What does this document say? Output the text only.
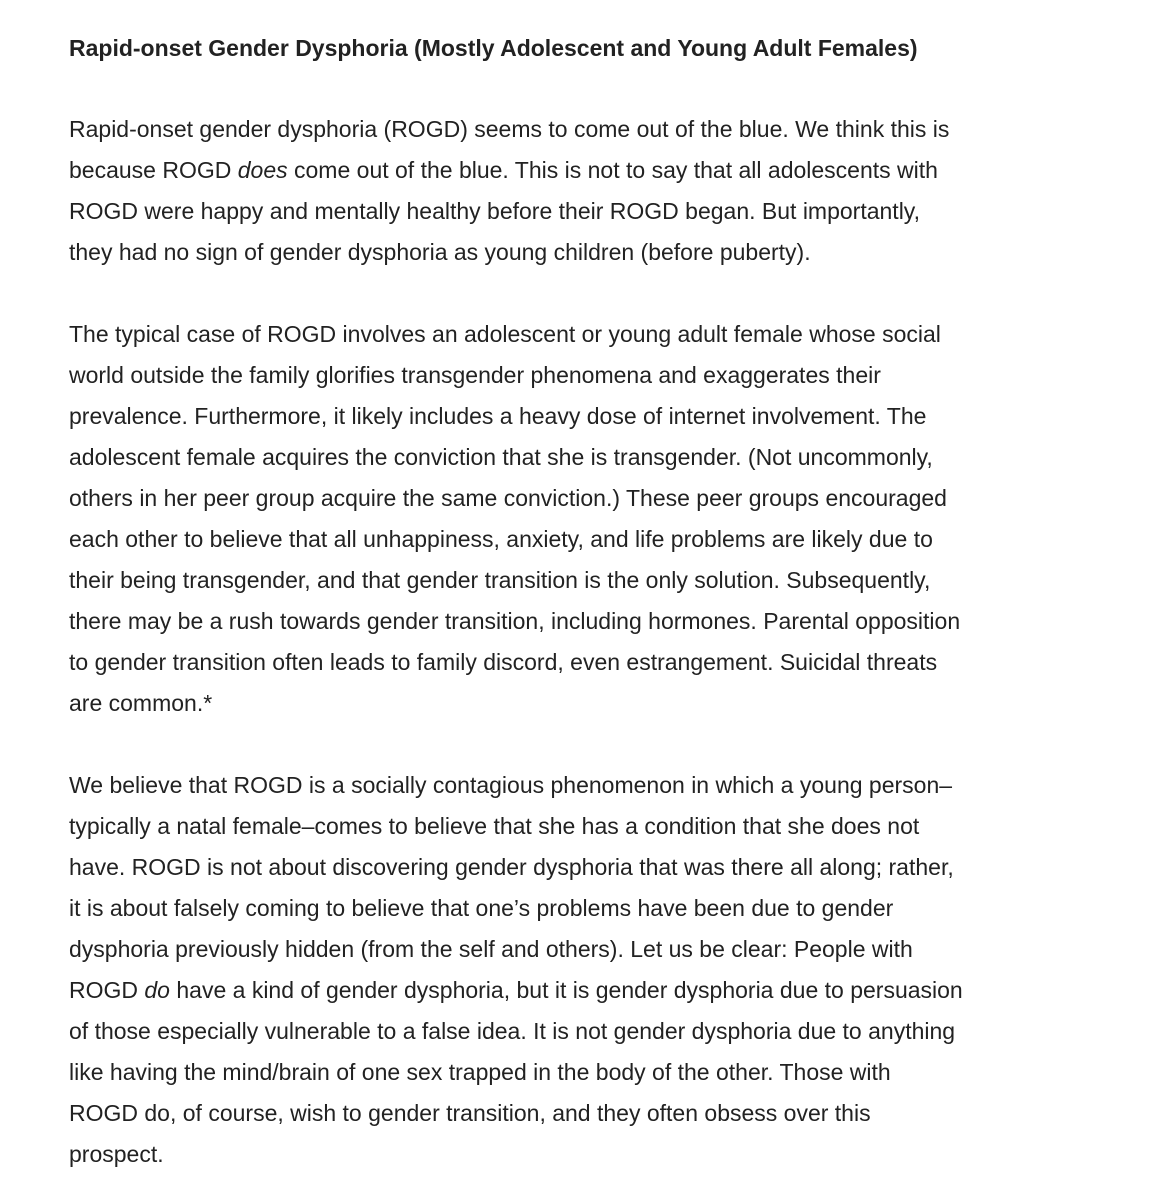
Rapid-onset Gender Dysphoria (Mostly Adolescent and Young Adult Females)

Rapid-onset gender dysphoria (ROGD) seems to come out of the blue. We think this is
because ROGD does come out of the blue. This is not to say that all adolescents with
ROGD were happy and mentally healthy before their ROGD began. But importantly,
they had no sign of gender dysphoria as young children (before puberty).

The typical case of ROGD involves an adolescent or young adult female whose social
world outside the family glorifies transgender phenomena and exaggerates their
prevalence. Furthermore, it likely includes a heavy dose of internet involvement. The
adolescent female acquires the conviction that she is transgender. (Not uncommonly,
others in her peer group acquire the same conviction.) These peer groups encouraged
each other to believe that all unhappiness, anxiety, and life problems are likely due to
their being transgender, and that gender transition is the only solution. Subsequently,
there may be a rush towards gender transition, including hormones. Parental opposition
to gender transition often leads to family discord, even estrangement. Suicidal threats
are common.*

We believe that ROGD is a socially contagious phenomenon in which a young person–
typically a natal female–comes to believe that she has a condition that she does not
have. ROGD is not about discovering gender dysphoria that was there all along; rather,
it is about falsely coming to believe that one’s problems have been due to gender
dysphoria previously hidden (from the self and others). Let us be clear: People with
ROGD do have a kind of gender dysphoria, but it is gender dysphoria due to persuasion
of those especially vulnerable to a false idea. It is not gender dysphoria due to anything
like having the mind/brain of one sex trapped in the body of the other. Those with
ROGD do, of course, wish to gender transition, and they often obsess over this
prospect.
